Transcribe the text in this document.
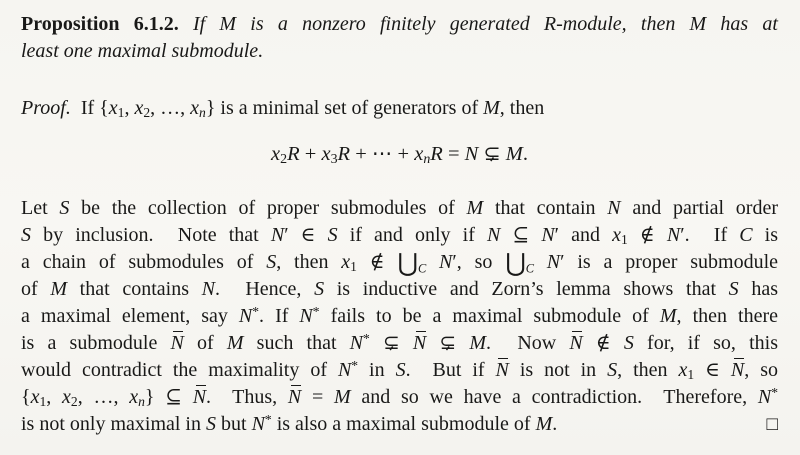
Proposition 6.1.2. If M is a nonzero finitely generated R-module, then M has at
least one maximal submodule.
Proof.  If {$x_1$, $x_2$, …, $x_n$} is a minimal set of generators of M, then
$x_2R + x_3R$ + ⋯ + $x_nR = N$ ⊊ M.
Let S be the collection of proper submodules of M that contain N and partial order
S by inclusion.  Note that N′ ∈ S if and only if N ⊆ N′ and $x_1$ ∉ N′.  If C is
a chain of submodules of S, then $x_1$ ∉ $⋃_C$ N′, so $⋃_C$ N′ is a proper submodule
of M that contains N.  Hence, S is inductive and Zorn’s lemma shows that S has
a maximal element, say N*. If N* fails to be a maximal submodule of M, then there
is a submodule N of M such that N* ⊊ N ⊊ M.  Now N ∉ S for, if so, this
would contradict the maximality of N* in S.  But if N is not in S, then $x_1$ ∈ N, so
{$x_1$, $x_2$, …, $x_n$} ⊆ N.  Thus, N = M and so we have a contradiction.  Therefore, N*
is not only maximal in S but N* is also a maximal submodule of M.	□
